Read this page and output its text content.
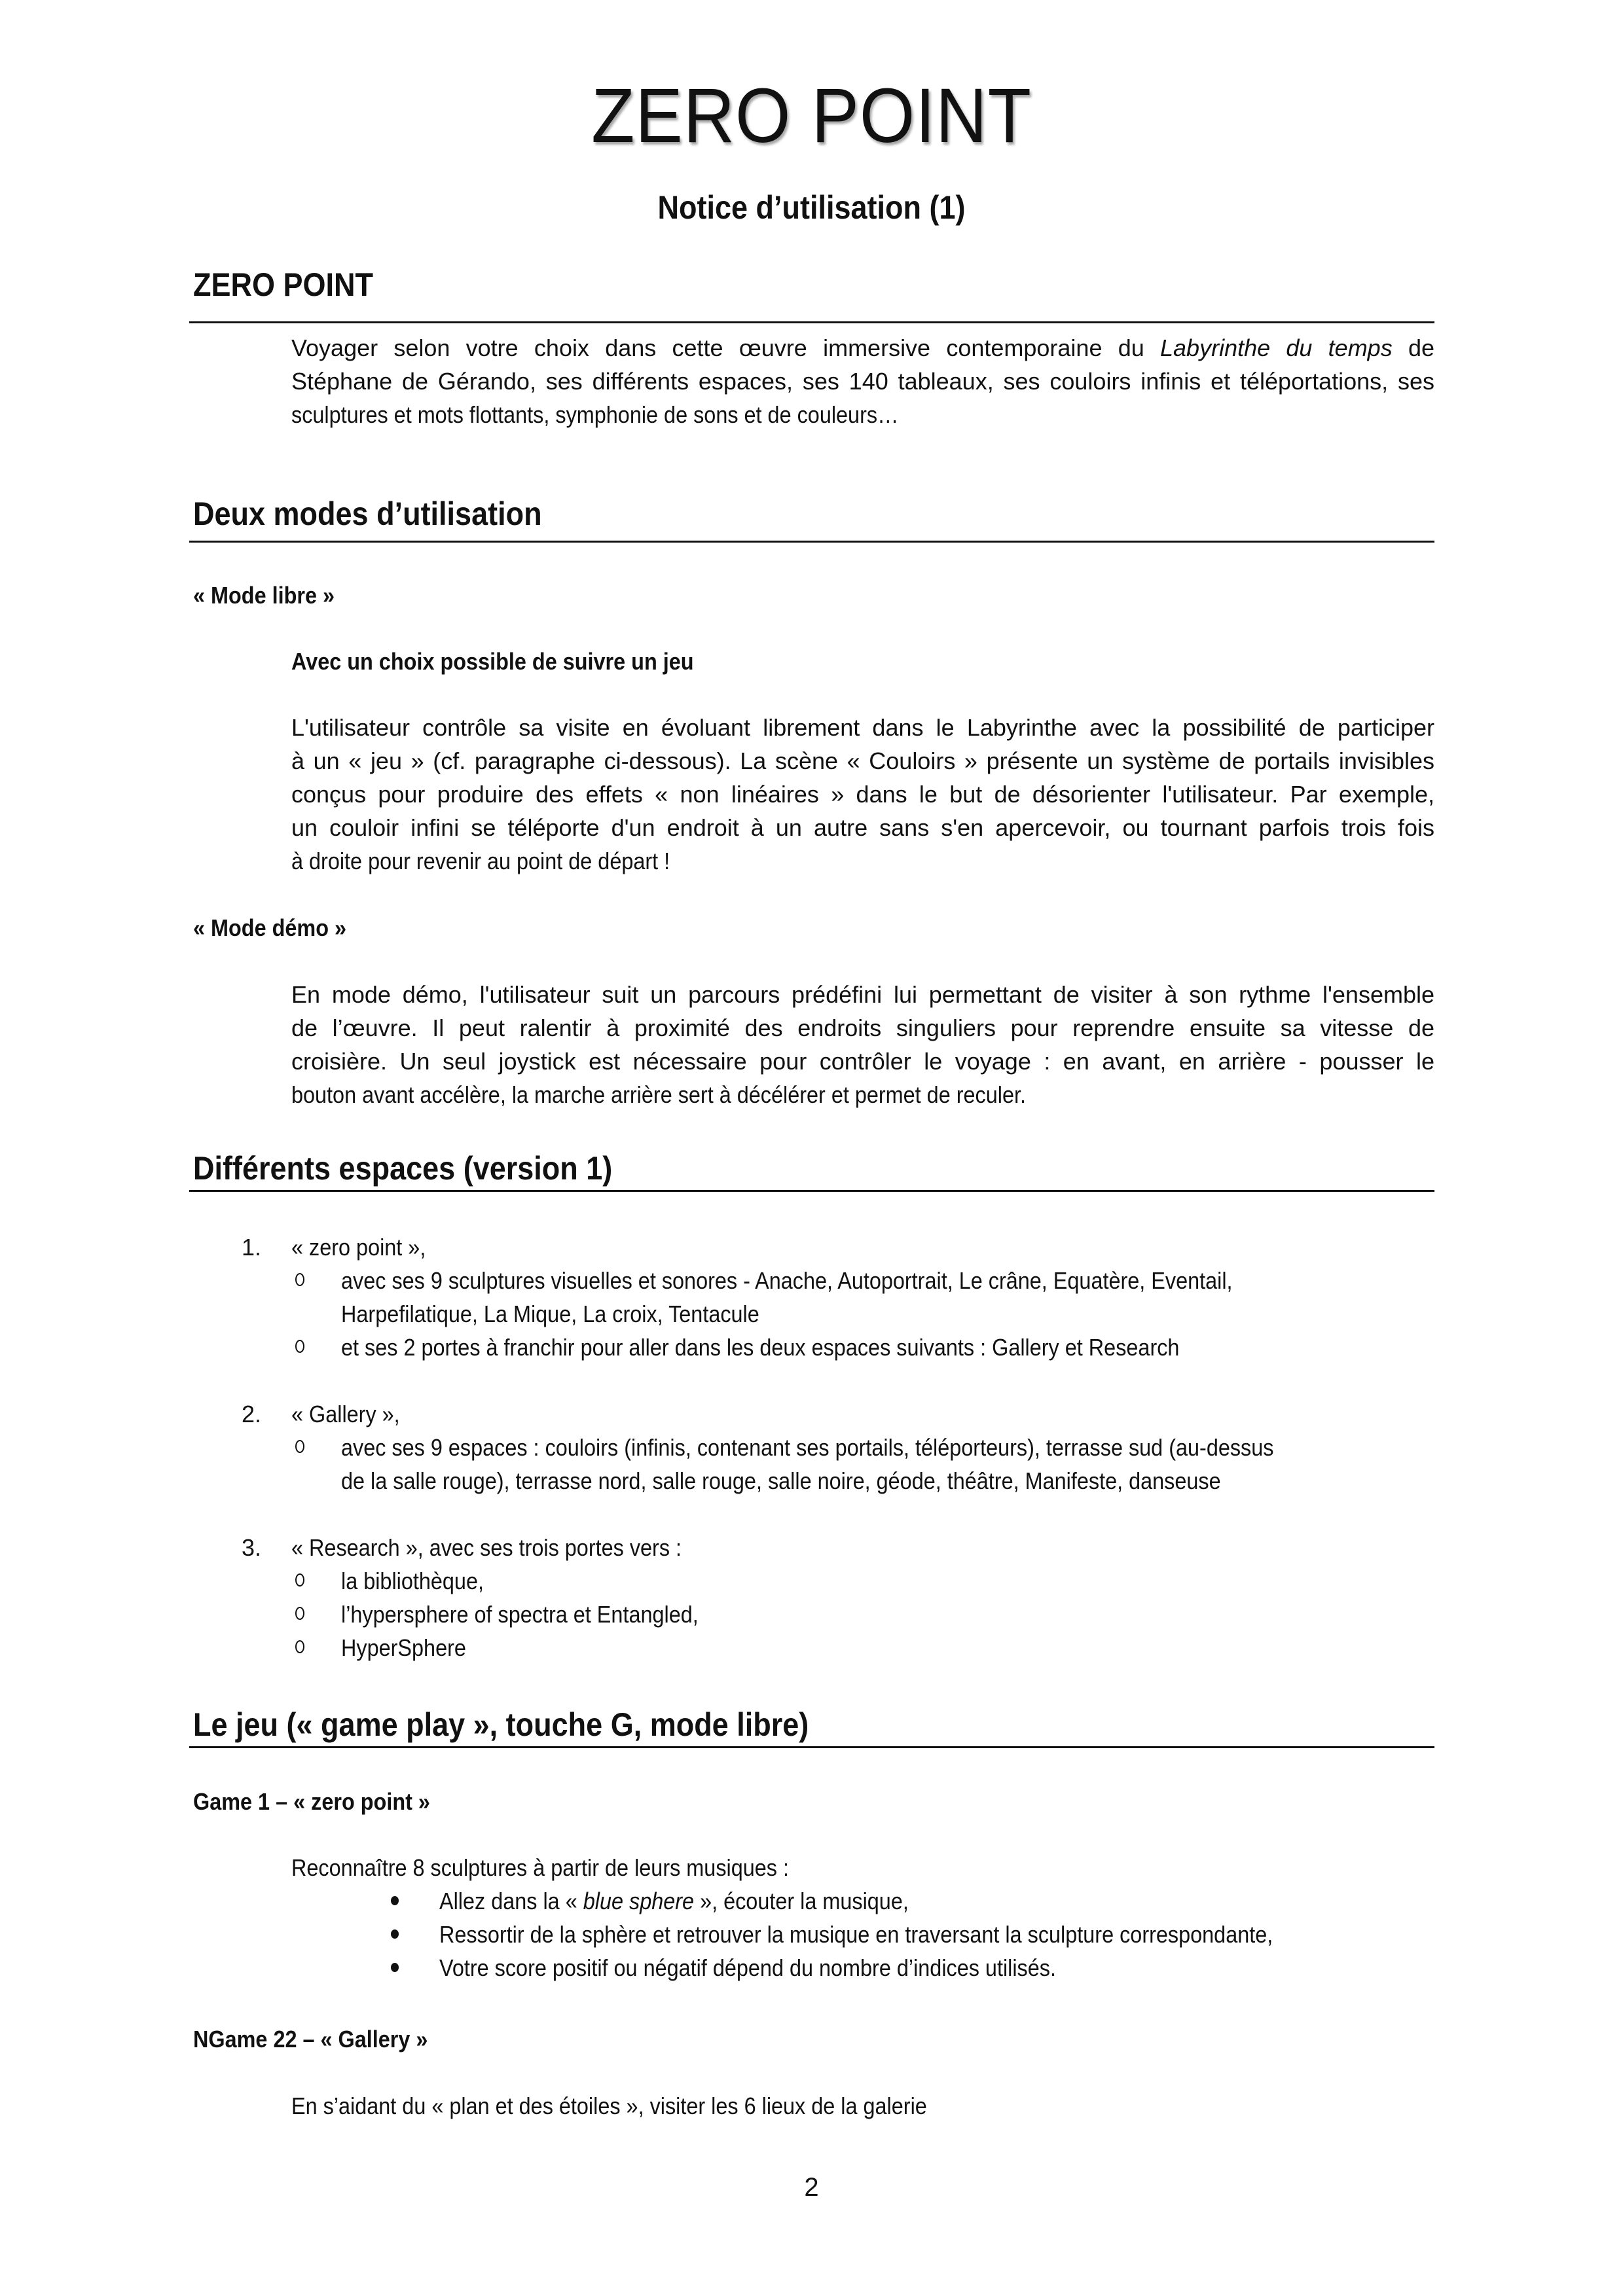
ZERO POINT
Notice d’utilisation (1)
ZERO POINT
Voyager selon votre choix dans cette œuvre immersive contemporaine du Labyrinthe du temps de
Stéphane de Gérando, ses différents espaces, ses 140 tableaux, ses couloirs infinis et téléportations, ses
sculptures et mots flottants, symphonie de sons et de couleurs…
Deux modes d’utilisation
« Mode libre »

Avec un choix possible de suivre un jeu

L'utilisateur contrôle sa visite en évoluant librement dans le Labyrinthe avec la possibilité de participer
à un « jeu » (cf. paragraphe ci-dessous). La scène « Couloirs » présente un système de portails invisibles
conçus pour produire des effets « non linéaires » dans le but de désorienter l'utilisateur. Par exemple,
un couloir infini se téléporte d'un endroit à un autre sans s'en apercevoir, ou tournant parfois trois fois
à droite pour revenir au point de départ !
« Mode démo »
En mode démo, l'utilisateur suit un parcours prédéfini lui permettant de visiter à son rythme l'ensemble
de l’œuvre. Il peut ralentir à proximité des endroits singuliers pour reprendre ensuite sa vitesse de
croisière. Un seul joystick est nécessaire pour contrôler le voyage : en avant, en arrière - pousser le
bouton avant accélère, la marche arrière sert à décélérer et permet de reculer.
Différents espaces (version 1)
1. « zero point »,
avec ses 9 sculptures visuelles et sonores - Anache, Autoportrait, Le crâne, Equatère, Eventail,
Harpefilatique, La Mique, La croix, Tentacule
et ses 2 portes à franchir pour aller dans les deux espaces suivants : Gallery et Research
2. « Gallery »,
avec ses 9 espaces : couloirs (infinis, contenant ses portails, téléporteurs), terrasse sud (au-dessus
de la salle rouge), terrasse nord, salle rouge, salle noire, géode, théâtre, Manifeste, danseuse
3. « Research », avec ses trois portes vers :
la bibliothèque,
l’hypersphere of spectra et Entangled,
HyperSphere
Le jeu (« game play », touche G, mode libre)
Game 1 – « zero point »
Reconnaître 8 sculptures à partir de leurs musiques :
Allez dans la « blue sphere », écouter la musique,
Ressortir de la sphère et retrouver la musique en traversant la sculpture correspondante,
Votre score positif ou négatif dépend du nombre d’indices utilisés.
NGame 22 – « Gallery »
En s’aidant du « plan et des étoiles », visiter les 6 lieux de la galerie

2
